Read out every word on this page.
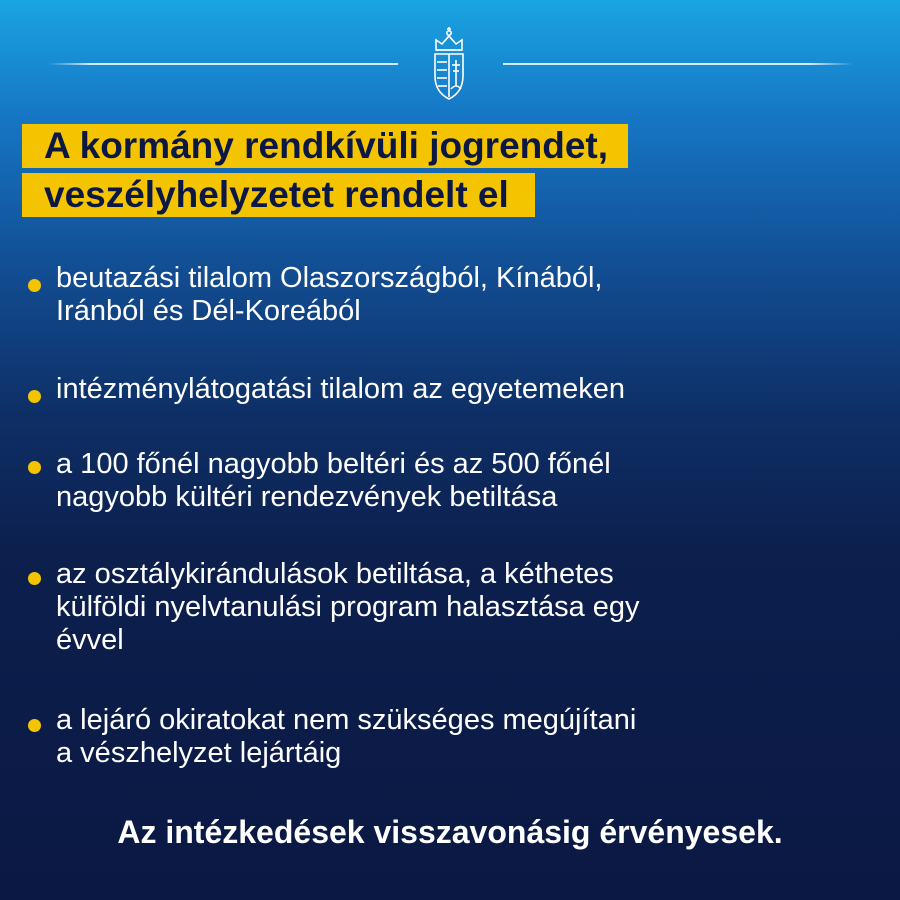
A kormány rendkívüli jogrendet,
veszélyhelyzetet rendelt el
beutazási tilalom Olaszországból, Kínából,
Iránból és Dél-Koreából
intézménylátogatási tilalom az egyetemeken
a 100 főnél nagyobb beltéri és az 500 főnél
nagyobb kültéri rendezvények betiltása
az osztálykirándulások betiltása, a kéthetes
külföldi nyelvtanulási program halasztása egy
évvel
a lejáró okiratokat nem szükséges megújítani
a vészhelyzet lejártáig
Az intézkedések visszavonásig érvényesek.
